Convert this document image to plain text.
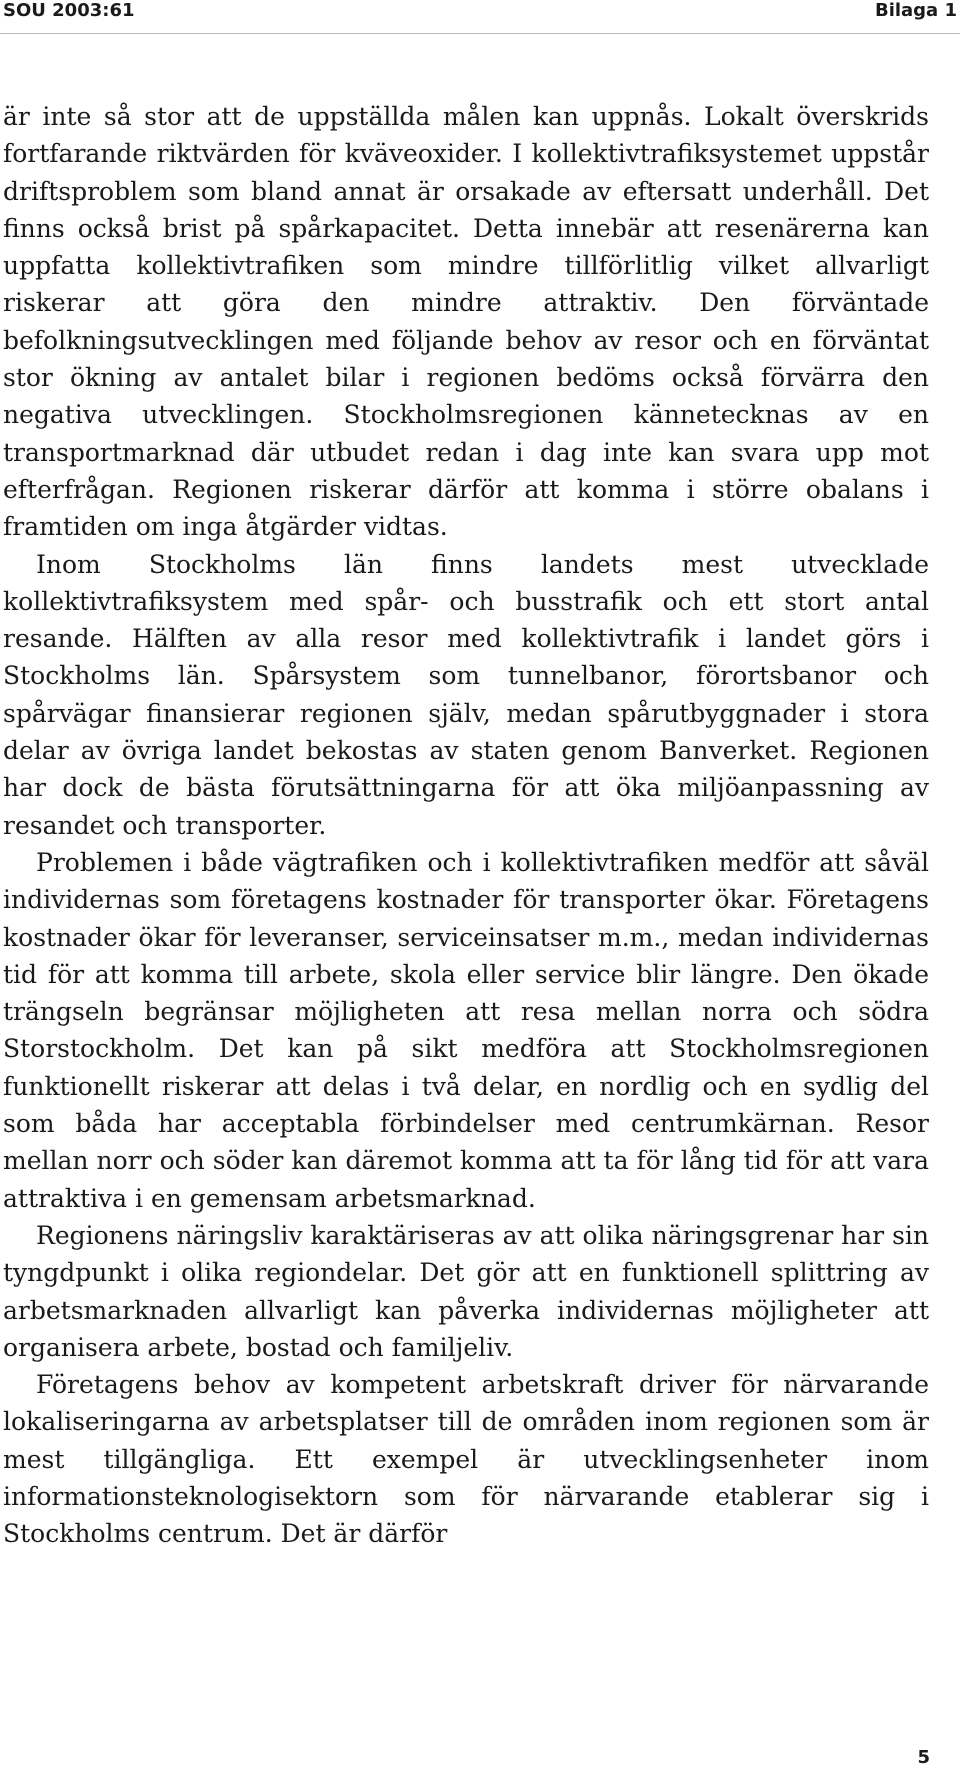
SOU 2003:61	Bilaga 1

är inte så stor att de uppställda målen kan uppnås. Lokalt överskrids fortfarande riktvärden för kväveoxider. I kollektivtrafiksystemet uppstår driftsproblem som bland annat är orsakade av eftersatt underhåll. Det finns också brist på spårkapacitet. Detta innebär att resenärerna kan uppfatta kollektivtrafiken som mindre tillförlitlig vilket allvarligt riskerar att göra den mindre attraktiv. Den förväntade befolkningsutvecklingen med följande behov av resor och en förväntat stor ökning av antalet bilar i regionen bedöms också förvärra den negativa utvecklingen. Stockholmsregionen kännetecknas av en transportmarknad där utbudet redan i dag inte kan svara upp mot efterfrågan. Regionen riskerar därför att komma i större obalans i framtiden om inga åtgärder vidtas.

Inom Stockholms län finns landets mest utvecklade kollektivtrafiksystem med spår- och busstrafik och ett stort antal resande. Hälften av alla resor med kollektivtrafik i landet görs i Stockholms län. Spårsystem som tunnelbanor, förortsbanor och spårvägar finansierar regionen själv, medan spårutbyggnader i stora delar av övriga landet bekostas av staten genom Banverket. Regionen har dock de bästa förutsättningarna för att öka miljöanpassning av resandet och transporter.

Problemen i både vägtrafiken och i kollektivtrafiken medför att såväl individernas som företagens kostnader för transporter ökar. Företagens kostnader ökar för leveranser, serviceinsatser m.m., medan individernas tid för att komma till arbete, skola eller service blir längre. Den ökade trängseln begränsar möjligheten att resa mellan norra och södra Storstockholm. Det kan på sikt medföra att Stockholmsregionen funktionellt riskerar att delas i två delar, en nordlig och en sydlig del som båda har acceptabla förbindelser med centrumkärnan. Resor mellan norr och söder kan däremot komma att ta för lång tid för att vara attraktiva i en gemensam arbetsmarknad.

Regionens näringsliv karaktäriseras av att olika näringsgrenar har sin tyngdpunkt i olika regiondelar. Det gör att en funktionell splittring av arbetsmarknaden allvarligt kan påverka individernas möjligheter att organisera arbete, bostad och familjeliv.

Företagens behov av kompetent arbetskraft driver för närvarande lokaliseringarna av arbetsplatser till de områden inom regionen som är mest tillgängliga. Ett exempel är utvecklingsenheter inom informationsteknologisektorn som för närvarande etablerar sig i Stockholms centrum. Det är därför

5
